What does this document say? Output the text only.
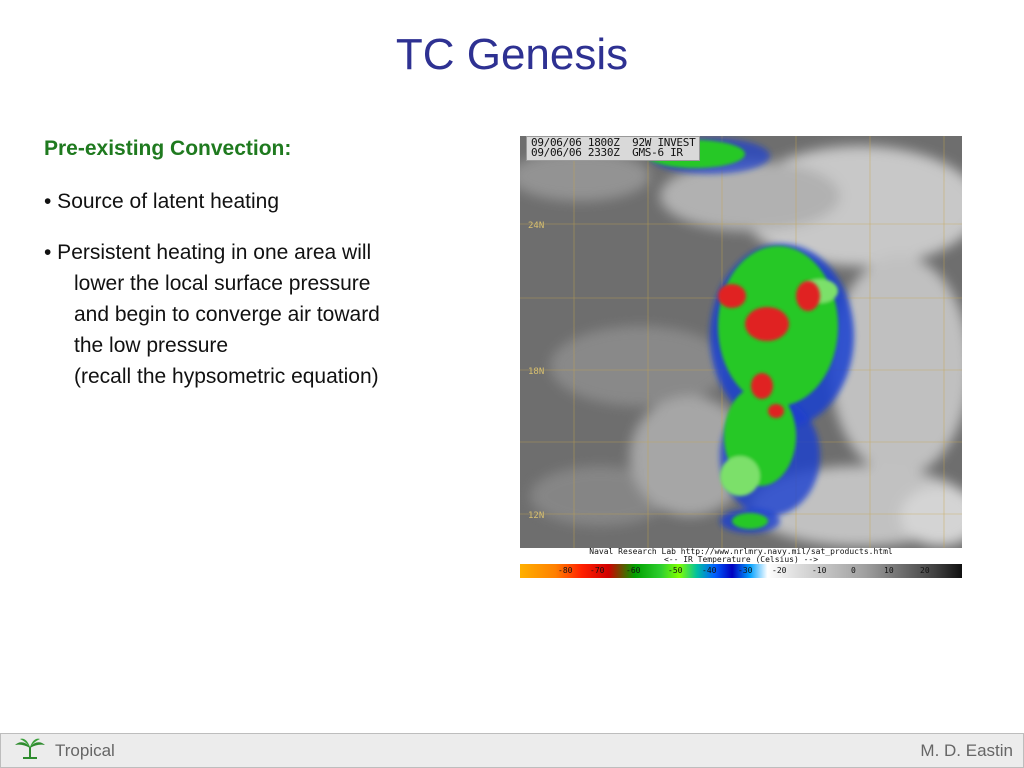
TC Genesis
Pre-existing Convection:
• Source of latent heating
• Persistent heating in one area will
lower the local surface pressure
and begin to converge air toward
the low pressure
(recall the hypsometric equation)
24N
18N
12N
09/06/06 1800Z  92W INVEST
09/06/06 2330Z  GMS-6 IR
Naval Research Lab http://www.nrlmry.navy.mil/sat_products.html
<-- IR Temperature (Celsius) -->
-80 -70	-60	-50 -40	-30 -20	-10	0	10	20
Tropical	M. D. Eastin
